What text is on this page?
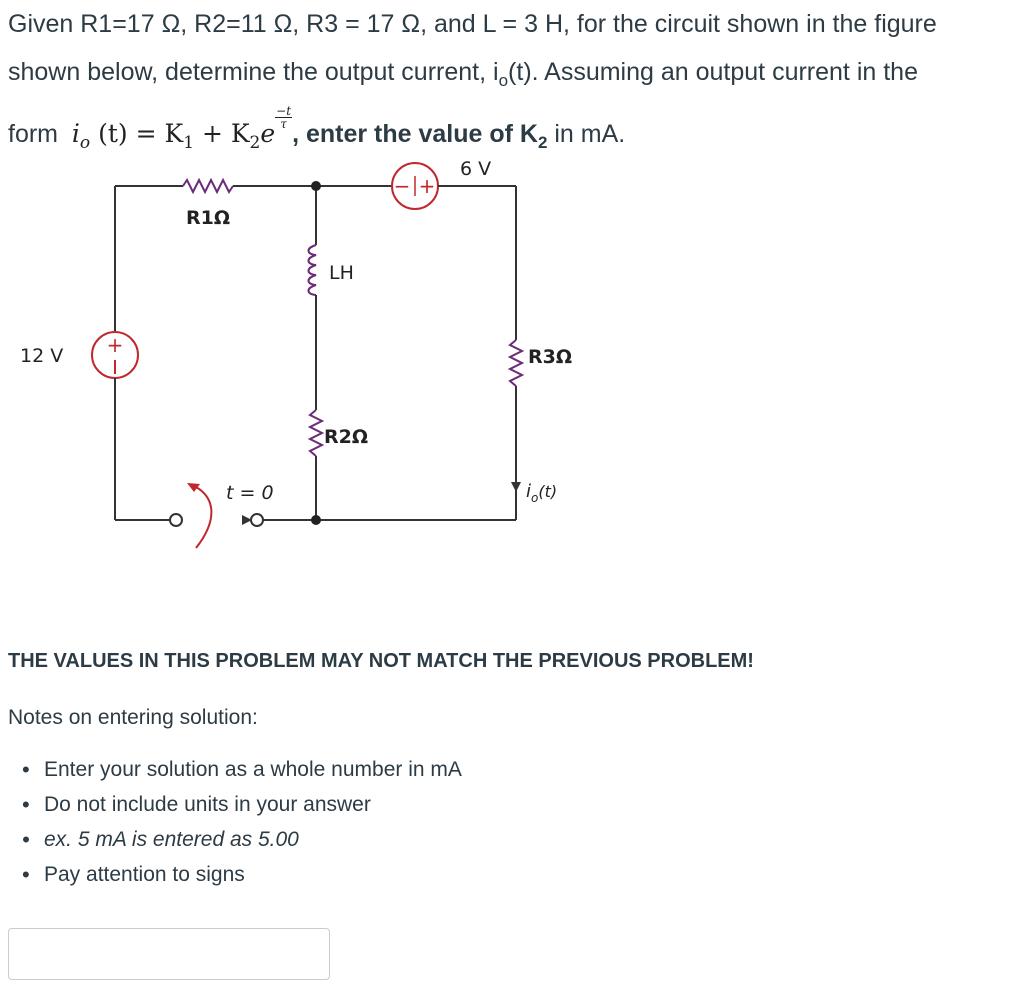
Given R1=17 Ω, R2=11 Ω, R3 = 17 Ω, and L = 3 H, for the circuit shown in the figure
shown below, determine the output current, $i_o(t)$. Assuming an output current in the
form $i_o$ $(t) = K_1 + K_2e$
$\frac{-t}{\tau}$
, enter the value of $K_2$ in mA.
+
− +
12 V
6 V
R1Ω
LH
R2Ω
R3Ω
t = 0	$i_o(t)$
THE VALUES IN THIS PROBLEM MAY NOT MATCH THE PREVIOUS PROBLEM!
Notes on entering solution:
• Enter your solution as a whole number in mA
• Do not include units in your answer
• ex. 5 mA is entered as 5.00
• Pay attention to signs
